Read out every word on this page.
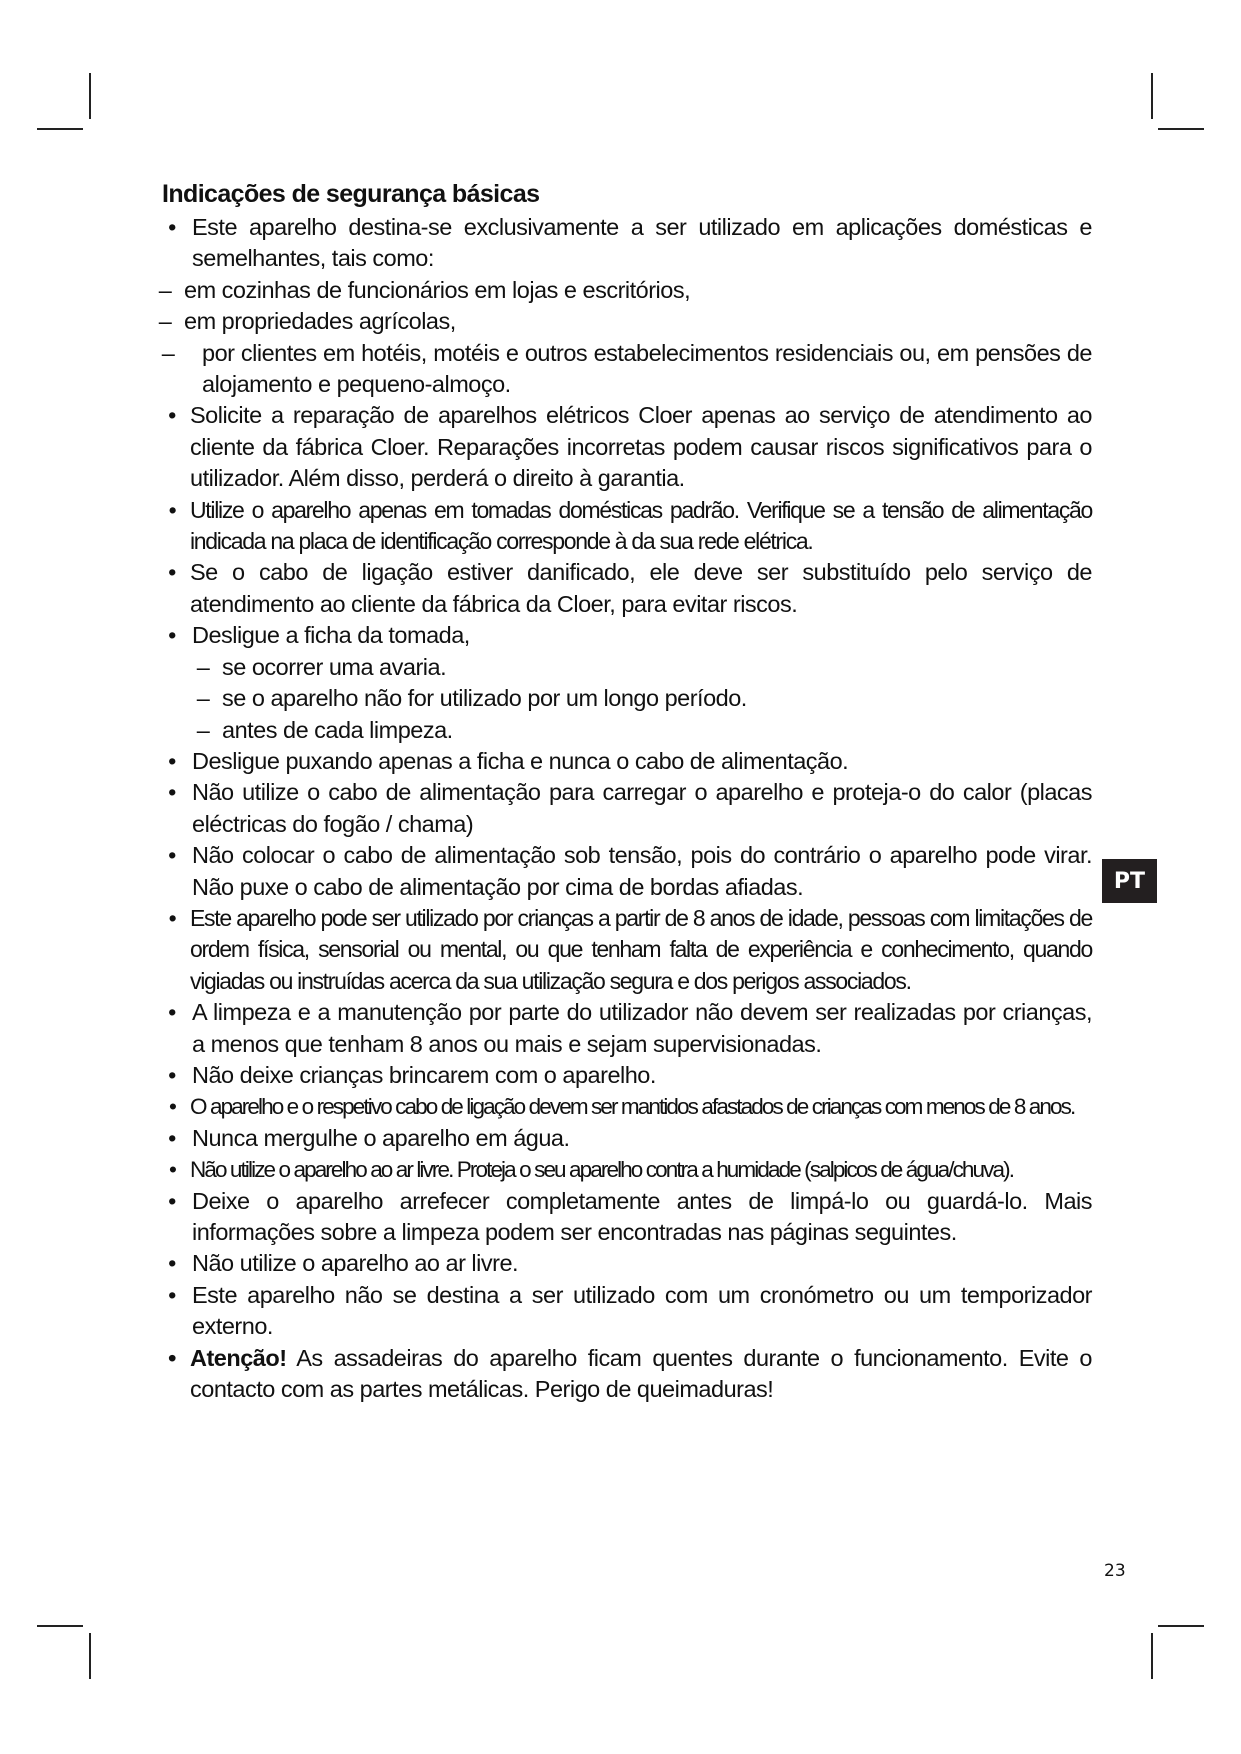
Indicações de segurança básicas
• Este aparelho destina-se exclusivamente a ser utilizado em aplicações domésticas e semelhantes, tais como:
– em cozinhas de funcionários em lojas e escritórios,
– em propriedades agrícolas,
–	por clientes em hotéis, motéis e outros estabelecimentos residenciais ou, em pensões de alojamento e pequeno-almoço.
• Solicite a reparação de aparelhos elétricos Cloer apenas ao serviço de atendimento ao cliente da fábrica Cloer. Reparações incorretas podem causar riscos significativos para o utilizador. Além disso, perderá o direito à garantia.
• Utilize o aparelho apenas em tomadas domésticas padrão. Verifique se a tensão de alimentação indicada na placa de identificação corresponde à da sua rede elétrica.
• Se o cabo de ligação estiver danificado, ele deve ser substituído pelo serviço de atendimento ao cliente da fábrica da Cloer, para evitar riscos.
• Desligue a ficha da tomada,
– se ocorrer uma avaria.
– se o aparelho não for utilizado por um longo período.
– antes de cada limpeza.
• Desligue puxando apenas a ficha e nunca o cabo de alimentação.
• Não utilize o cabo de alimentação para carregar o aparelho e proteja-o do calor (placas eléctricas do fogão / chama)
• Não colocar o cabo de alimentação sob tensão, pois do contrário o aparelho pode virar. Não puxe o cabo de alimentação por cima de bordas afiadas.
• Este aparelho pode ser utilizado por crianças a partir de 8 anos de idade, pessoas com limitações de ordem física, sensorial ou mental, ou que tenham falta de experiência e conhecimento, quando vigiadas ou instruídas acerca da sua utilização segura e dos perigos associados.
• A limpeza e a manutenção por parte do utilizador não devem ser realizadas por crianças, a menos que tenham 8 anos ou mais e sejam supervisionadas.
• Não deixe crianças brincarem com o aparelho.
• O aparelho e o respetivo cabo de ligação devem ser mantidos afastados de crianças com menos de 8 anos.
• Nunca mergulhe o aparelho em água.
• Não utilize o aparelho ao ar livre. Proteja o seu aparelho contra a humidade (salpicos de água/chuva).
• Deixe o aparelho arrefecer completamente antes de limpá-lo ou guardá-lo. Mais informações sobre a limpeza podem ser encontradas nas páginas seguintes.
• Não utilize o aparelho ao ar livre.
• Este aparelho não se destina a ser utilizado com um cronómetro ou um temporizador externo.
• Atenção! As assadeiras do aparelho ficam quentes durante o funcionamento. Evite o contacto com as partes metálicas. Perigo de queimaduras!
PT
23
